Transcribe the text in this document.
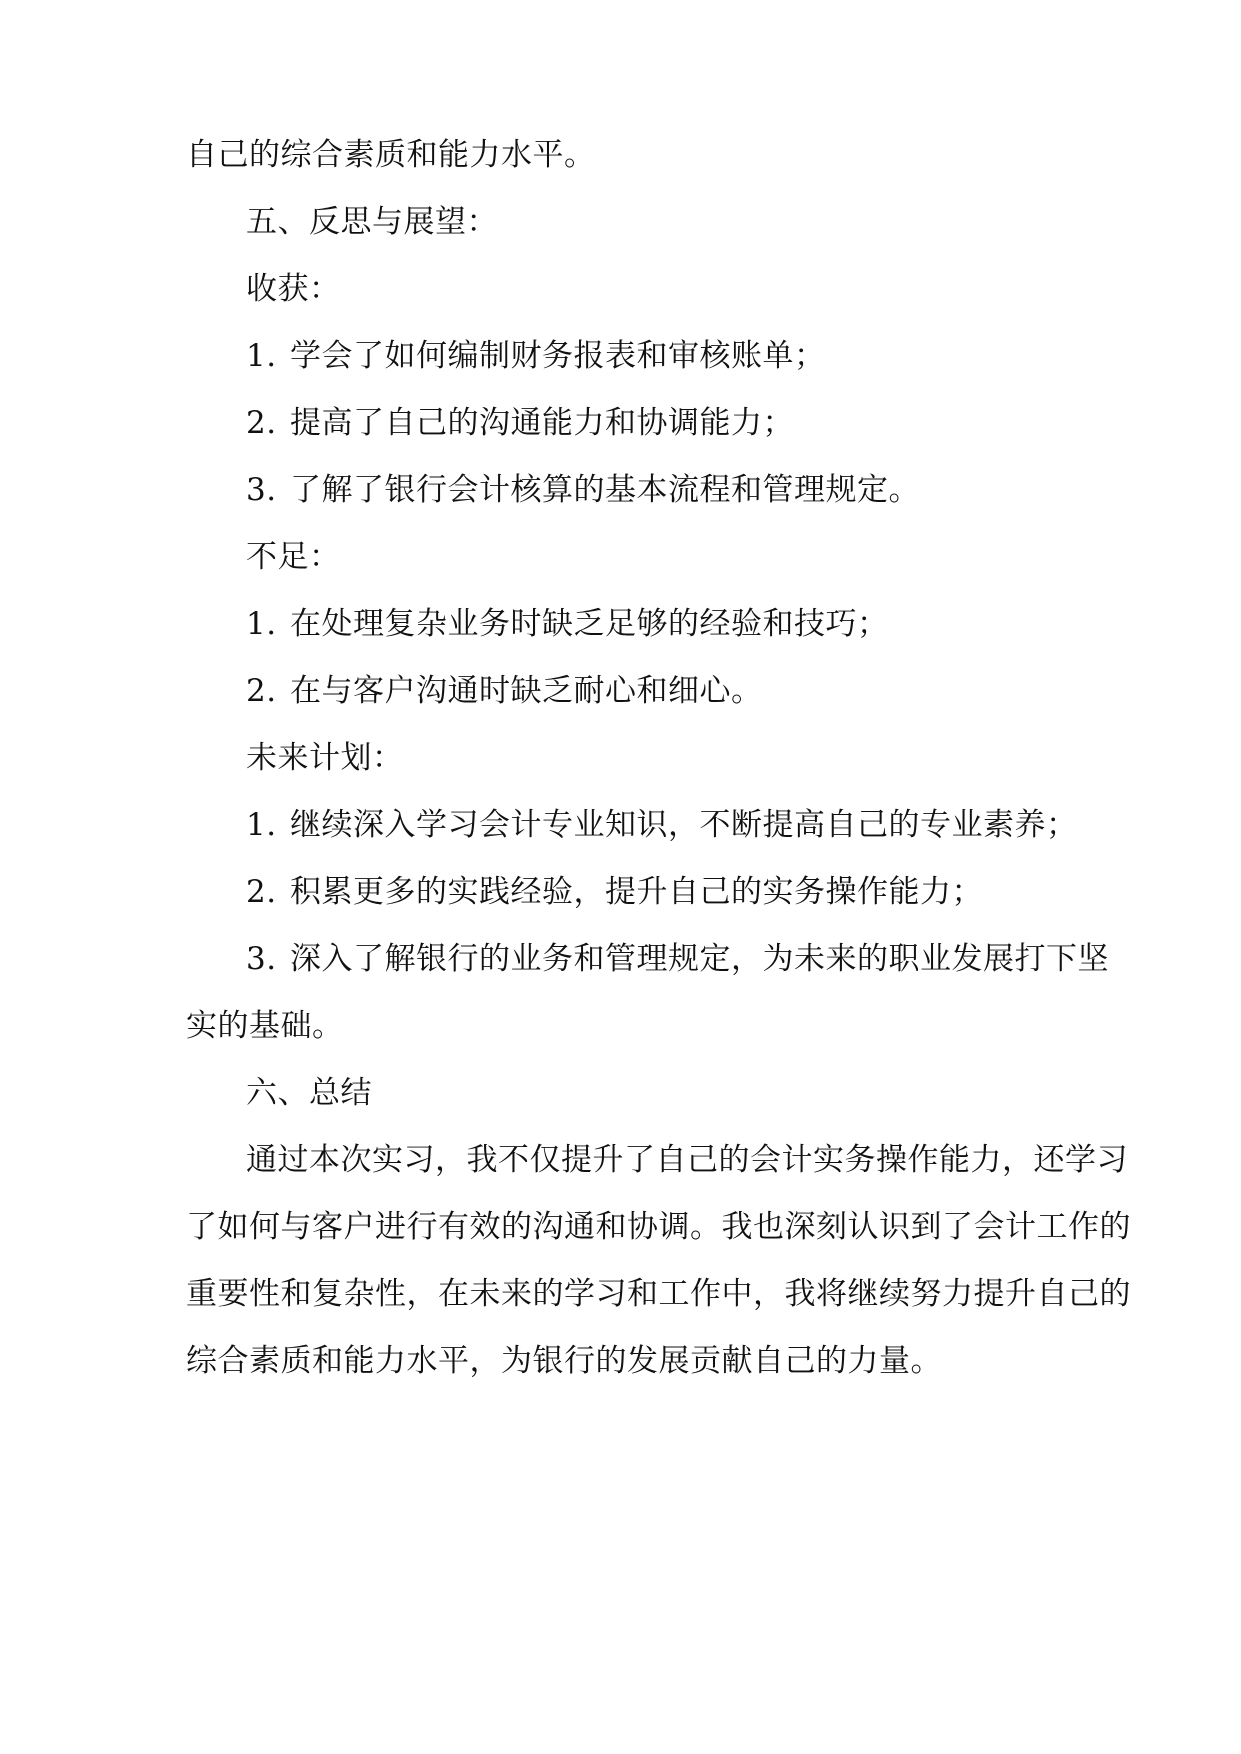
自己的综合素质和能力水平。
五、反思与展望：
收获：
1. 学会了如何编制财务报表和审核账单；
2. 提高了自己的沟通能力和协调能力；
3. 了解了银行会计核算的基本流程和管理规定。
不足：
1. 在处理复杂业务时缺乏足够的经验和技巧；
2. 在与客户沟通时缺乏耐心和细心。
未来计划：
1. 继续深入学习会计专业知识，不断提高自己的专业素养；
2. 积累更多的实践经验，提升自己的实务操作能力；
3. 深入了解银行的业务和管理规定，为未来的职业发展打下坚
实的基础。
六、总结
通过本次实习，我不仅提升了自己的会计实务操作能力，还学习
了如何与客户进行有效的沟通和协调。我也深刻认识到了会计工作的
重要性和复杂性，在未来的学习和工作中，我将继续努力提升自己的
综合素质和能力水平，为银行的发展贡献自己的力量。
